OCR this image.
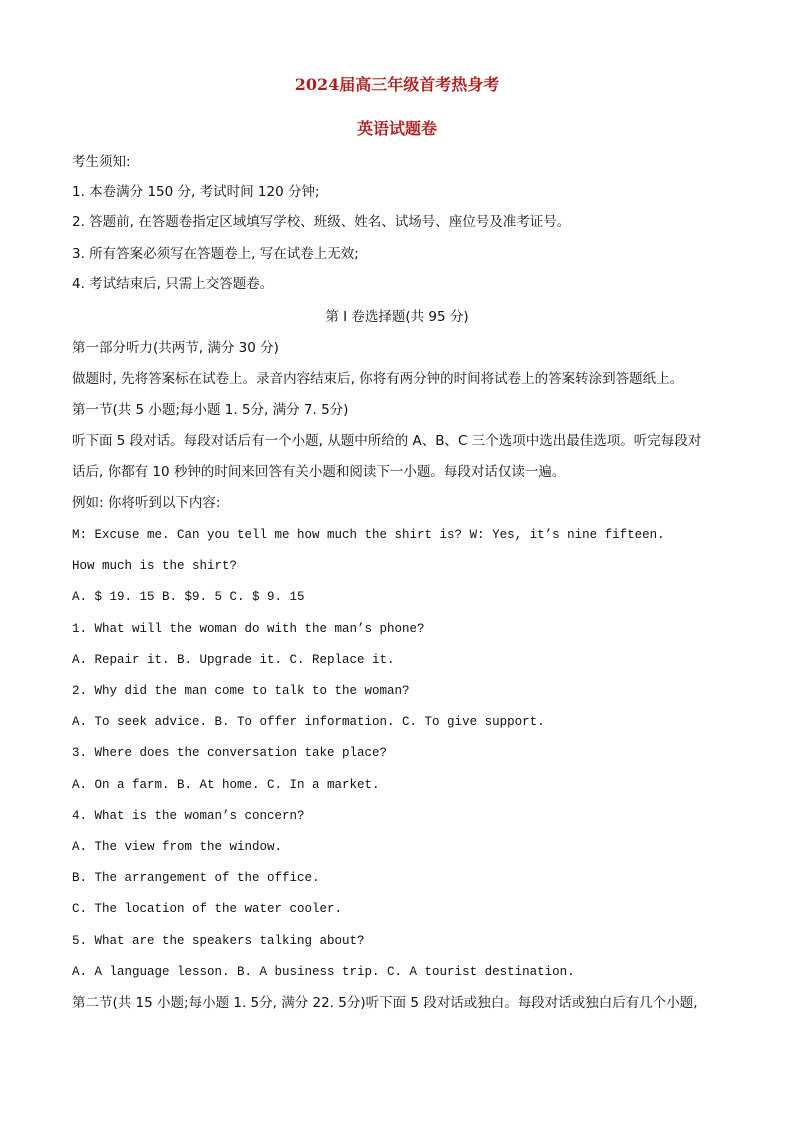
2024届高三年级首考热身考
英语试题卷
考生须知:
1. 本卷满分 150 分, 考试时间 120 分钟;
2. 答题前, 在答题卷指定区域填写学校、班级、姓名、试场号、座位号及准考证号。
3. 所有答案必须写在答题卷上, 写在试卷上无效;
4. 考试结束后, 只需上交答题卷。
第 I 卷选择题(共 95 分)
第一部分听力(共两节, 满分 30 分)
做题时, 先将答案标在试卷上。录音内容结束后, 你将有两分钟的时间将试卷上的答案转涂到答题纸上。
第一节(共 5 小题;每小题 1. 5分, 满分 7. 5分)
听下面 5 段对话。每段对话后有一个小题, 从题中所给的 A、B、C 三个选项中选出最佳选项。听完每段对
话后, 你都有 10 秒钟的时间来回答有关小题和阅读下一小题。每段对话仅读一遍。
例如: 你将听到以下内容:
M: Excuse me. Can you tell me how much the shirt is? W: Yes, it’s nine fifteen.
How much is the shirt?
A. $ 19. 15 B. $9. 5 C. $ 9. 15
1. What will the woman do with the man’s phone?
A. Repair it. B. Upgrade it. C. Replace it.
2. Why did the man come to talk to the woman?
A. To seek advice. B. To offer information. C. To give support.
3. Where does the conversation take place?
A. On a farm. B. At home. C. In a market.
4. What is the woman’s concern?
A. The view from the window.
B. The arrangement of the office.
C. The location of the water cooler.
5. What are the speakers talking about?
A. A language lesson. B. A business trip. C. A tourist destination.
第二节(共 15 小题;每小题 1. 5分, 满分 22. 5分)听下面 5 段对话或独白。每段对话或独白后有几个小题,
